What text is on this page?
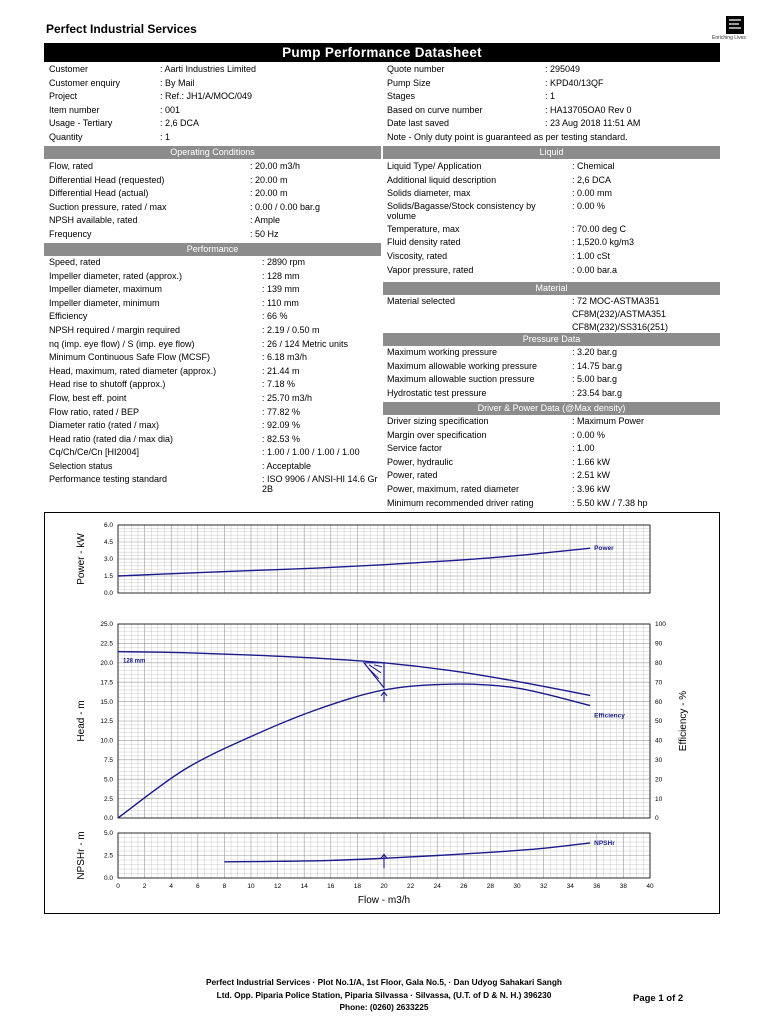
Perfect Industrial Services
Enriching Lives
Pump Performance Datasheet
Customer	: Aarti Industries Limited
Customer enquiry	: By Mail
Project	: Ref.: JH1/A/MOC/049
Item number	: 001
Usage - Tertiary	: 2,6 DCA
Quantity	: 1
Quote number	: 295049
Pump Size	: KPD40/13QF
Stages	: 1
Based on curve number	: HA13705OA0 Rev 0
Date last saved	: 23 Aug 2018 11:51 AM
Note - Only duty point is guaranteed as per testing standard.
Operating Conditions
Flow, rated	: 20.00 m3/h
Differential Head (requested)	: 20.00 m
Differential Head (actual)	: 20.00 m
Suction pressure, rated / max	: 0.00 / 0.00 bar.g
NPSH available, rated	: Ample
Frequency	: 50 Hz
Performance
Speed, rated	: 2890 rpm
Impeller diameter, rated (approx.)	: 128 mm
Impeller diameter, maximum	: 139 mm
Impeller diameter, minimum	: 110 mm
Efficiency	: 66 %
NPSH required / margin required	: 2.19 / 0.50 m
nq (imp. eye flow) / S (imp. eye flow)	: 26 / 124 Metric units
Minimum Continuous Safe Flow (MCSF)	: 6.18 m3/h
Head, maximum, rated diameter (approx.)	: 21.44 m
Head rise to shutoff (approx.)	: 7.18 %
Flow, best eff. point	: 25.70 m3/h
Flow ratio, rated / BEP	: 77.82 %
Diameter ratio (rated / max)	: 92.09 %
Head ratio (rated dia / max dia)	: 82.53 %
Cq/Ch/Ce/Cn [HI2004]	: 1.00 / 1.00 / 1.00 / 1.00
Selection status	: Acceptable
Performance testing standard	: ISO 9906 / ANSI-HI 14.6 Gr 2B
Liquid
Liquid Type/ Application	: Chemical
Additional liquid description	: 2,6 DCA
Solids diameter, max	: 0.00 mm
Solids/Bagasse/Stock consistency by volume
: 0.00 %
Temperature, max	: 70.00 deg C
Fluid density rated	: 1,520.0 kg/m3
Viscosity, rated	: 1.00 cSt
Vapor pressure, rated	: 0.00 bar.a
Material
Material selected	: 72 MOC-ASTMA351 CF8M(232)/ASTMA351 CF8M(232)/SS316(251)
Pressure Data
Maximum working pressure	: 3.20 bar.g
Maximum allowable working pressure	: 14.75 bar.g
Maximum allowable suction pressure	: 5.00 bar.g
Hydrostatic test pressure	: 23.54 bar.g
Driver & Power Data (@Max density)
Driver sizing specification	: Maximum Power
Margin over specification	: 0.00 %
Service factor	: 1.00
Power, hydraulic	: 1.66 kW
Power, rated	: 2.51 kW
Power, maximum, rated diameter	: 3.96 kW
Minimum recommended driver rating	: 5.50 kW / 7.38 hp
0.0
1.5
3.0
4.5
6.0
Power - kW	Power
0.0
2.5
5.0
7.5
10.0
12.5
15.0
17.5
20.0
22.5
25.0
0
10
20
30
40
50
60
70
80
90
100
Efficiency - %
Head - m	Efficiency
128 mm
0.0
2.5
5.0
NPSHr - m
0	2	4	6	8	10	12	14	16	18	20	22	24	26	28	30	32	34	36	38	40
Flow - m3/h
NPSHr
Perfect Industrial Services · Plot No.1/A, 1st Floor, Gala No.5, · Dan Udyog Sahakari Sangh
Ltd. Opp. Piparia Police Station, Piparia Silvassa · Silvassa, (U.T. of D & N. H.) 396230
Phone: (0260) 2633225
Page 1 of 2
